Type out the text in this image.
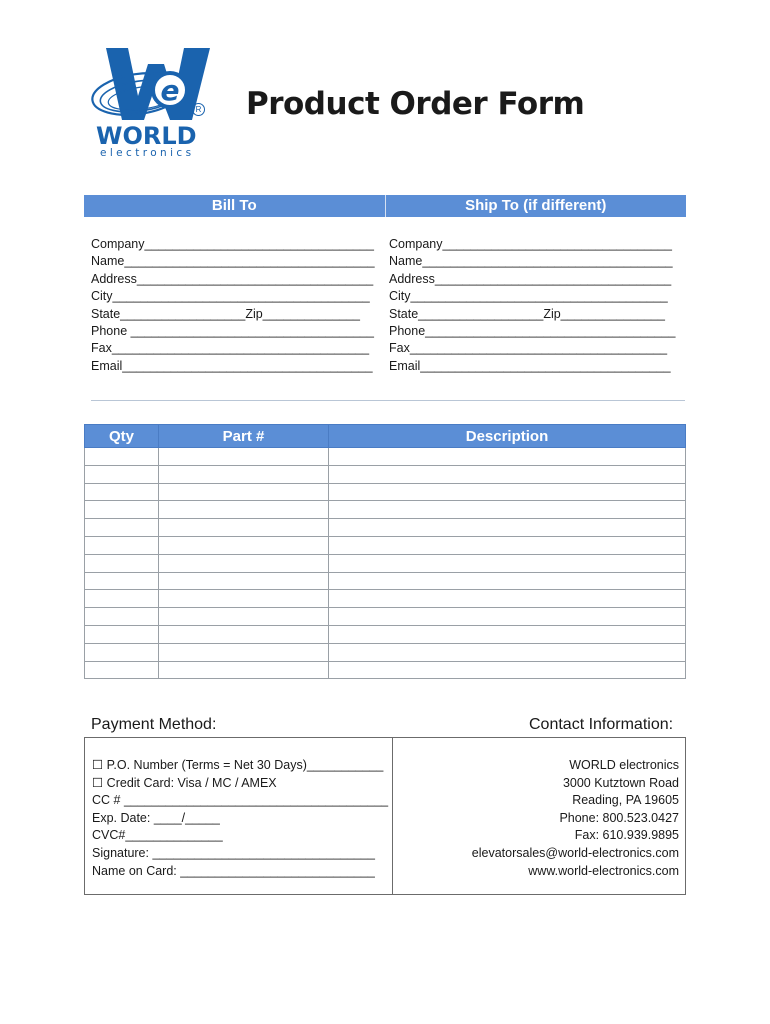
e
R
WORLD
electronics
Product Order Form
Bill To	Ship To (if different)
Company_________________________________
Name____________________________________
Address__________________________________
City_____________________________________
State__________________Zip______________
Phone ___________________________________
Fax_____________________________________
Email____________________________________
Company_________________________________
Name____________________________________
Address__________________________________
City_____________________________________
State__________________Zip_______________
Phone____________________________________
Fax_____________________________________
Email____________________________________
Qty	Part #	Description

Payment Method:	Contact Information:
☐ P.O. Number (Terms = Net 30 Days)___________
☐ Credit Card: Visa / MC / AMEX
CC # ______________________________________
Exp. Date: ____/_____
CVC#______________
Signature: ________________________________
Name on Card: ____________________________
WORLD electronics
3000 Kutztown Road
Reading, PA 19605
Phone: 800.523.0427
Fax: 610.939.9895
elevatorsales@world-electronics.com
www.world-electronics.com
